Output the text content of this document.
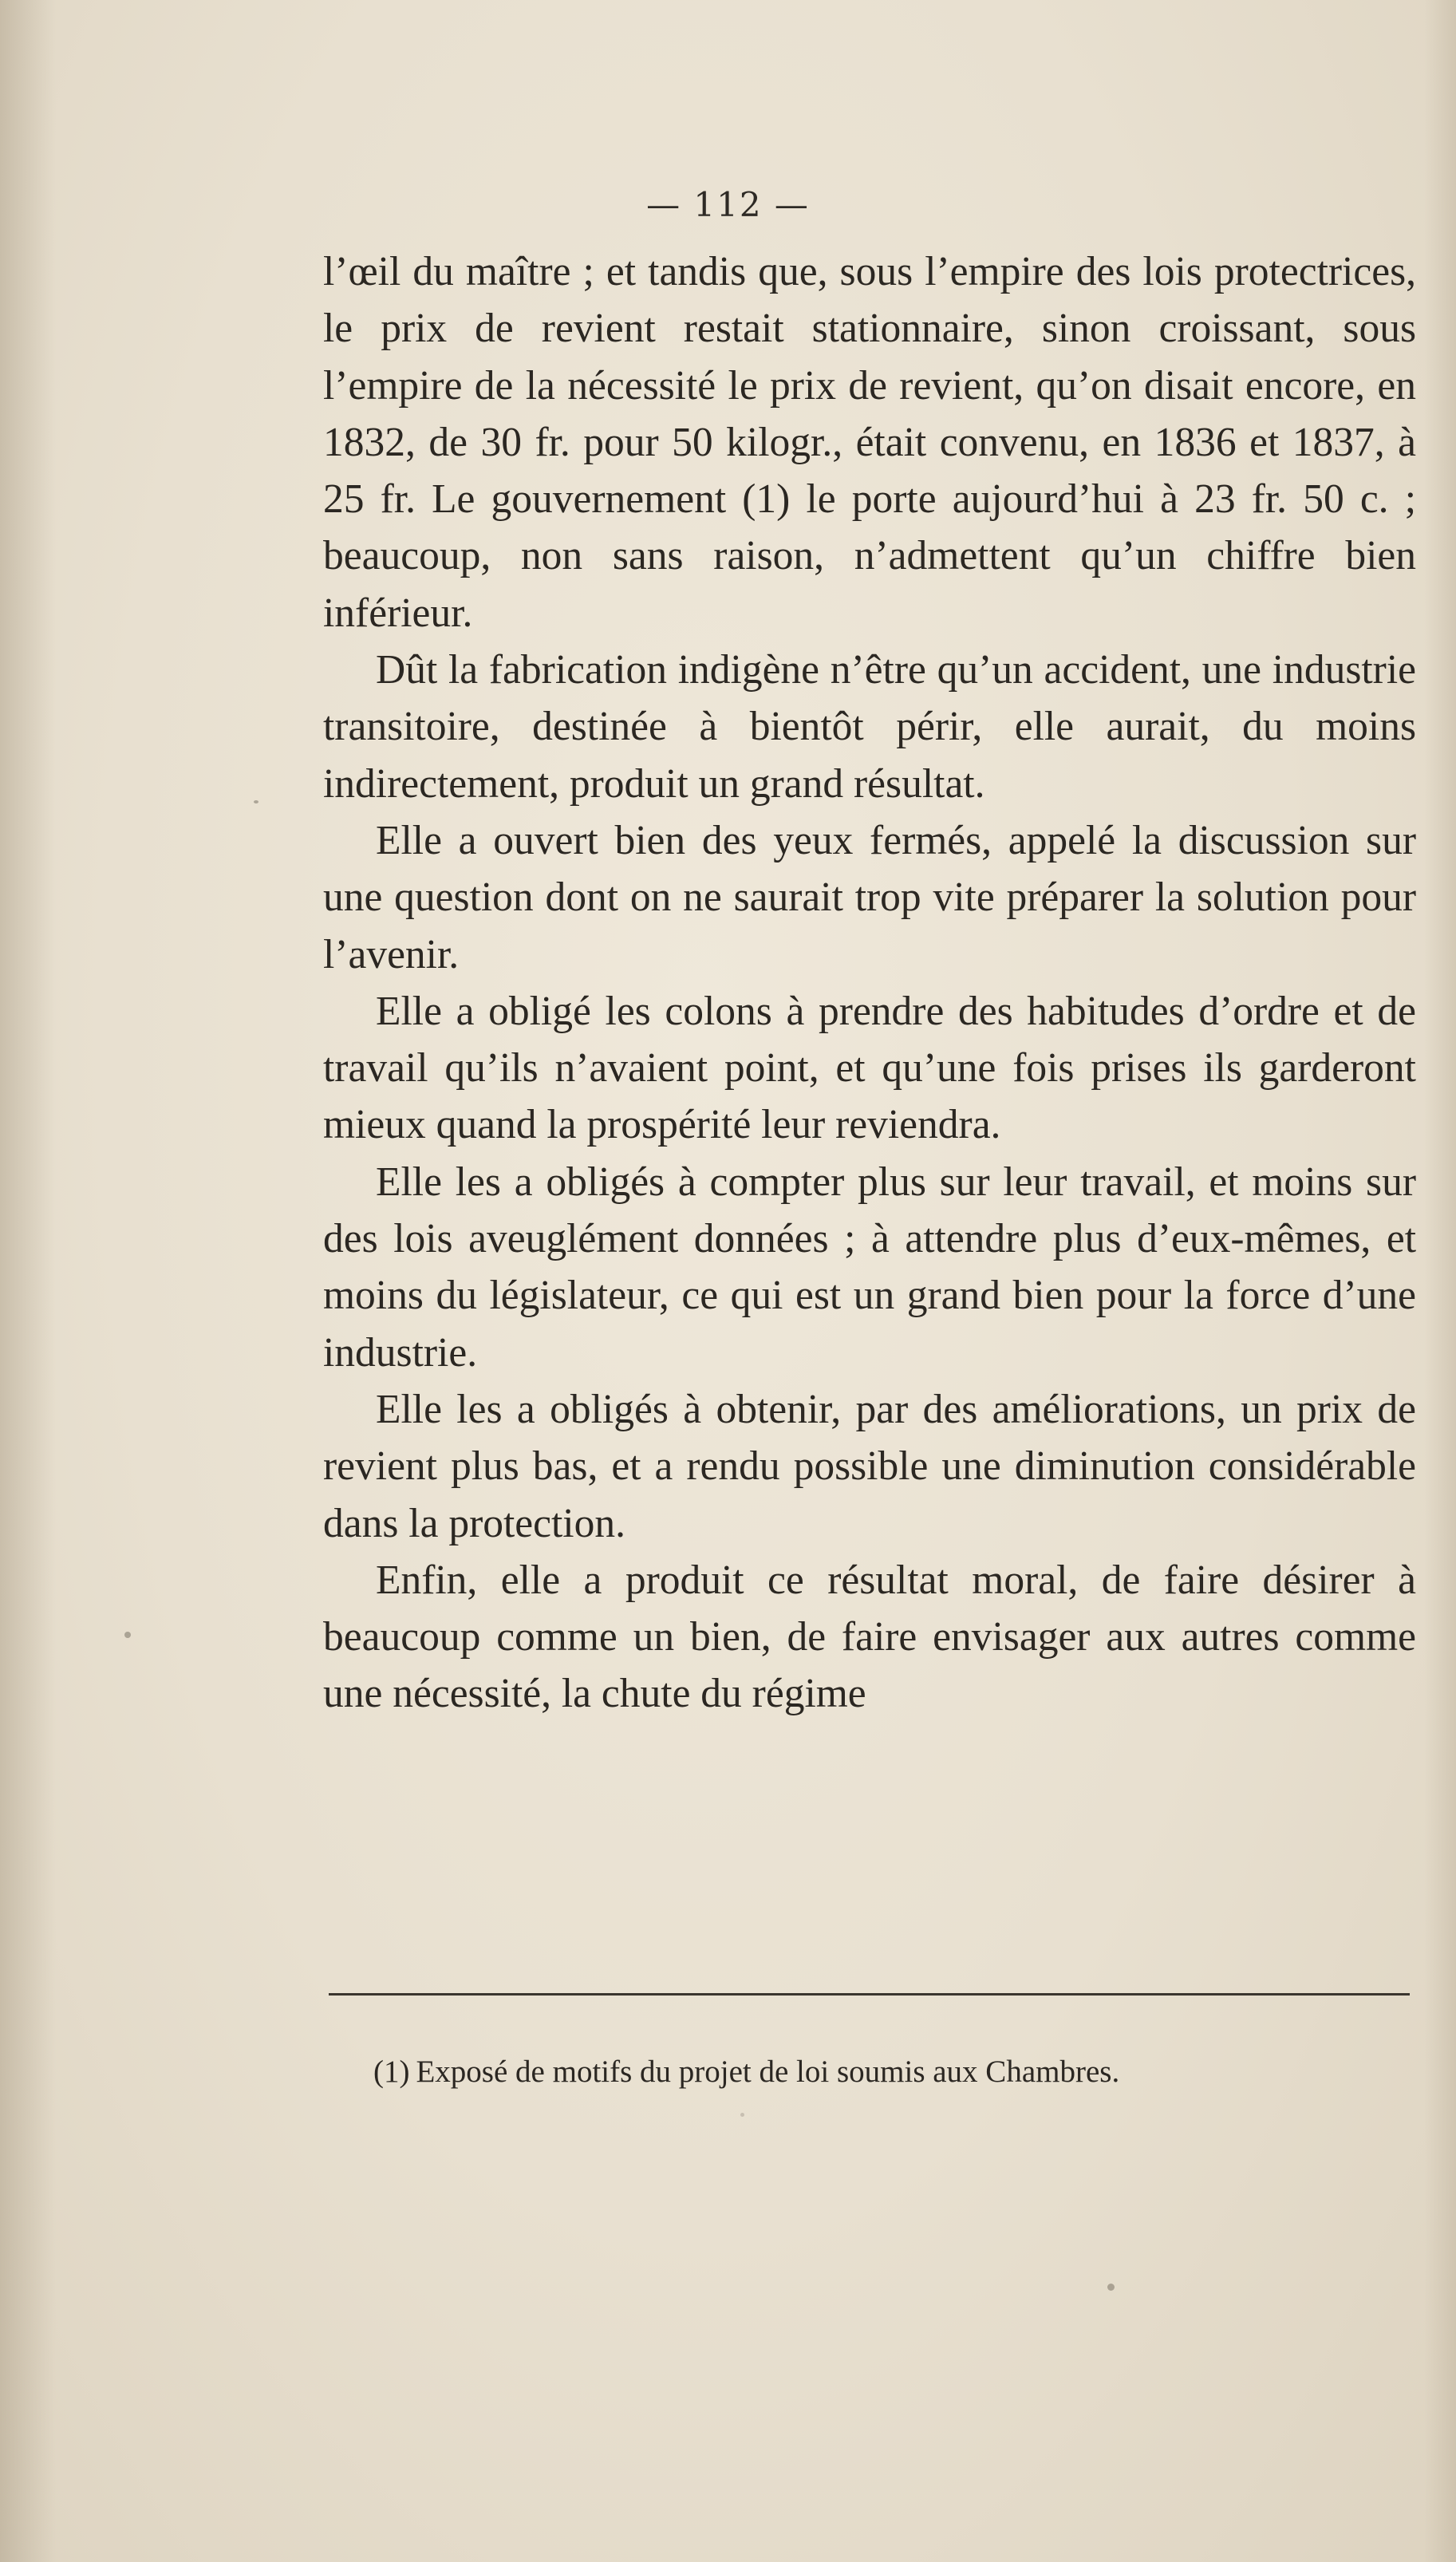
— 112 —

l’œil du maître ; et tandis que, sous l’empire des lois protectrices, le prix de revient restait stationnaire, sinon croissant, sous l’empire de la nécessité le prix de revient, qu’on disait encore, en 1832, de 30 fr. pour 50 kilogr., était convenu, en 1836 et 1837, à 25 fr. Le gouvernement (1) le porte aujourd’hui à 23 fr. 50 c. ; beaucoup, non sans raison, n’admettent qu’un chiffre bien inférieur.

Dût la fabrication indigène n’être qu’un accident, une industrie transitoire, destinée à bientôt périr, elle aurait, du moins indirectement, produit un grand résultat.

Elle a ouvert bien des yeux fermés, appelé la discussion sur une question dont on ne saurait trop vite préparer la solution pour l’avenir.

Elle a obligé les colons à prendre des habitudes d’ordre et de travail qu’ils n’avaient point, et qu’une fois prises ils garderont mieux quand la prospérité leur reviendra.

Elle les a obligés à compter plus sur leur travail, et moins sur des lois aveuglément données ; à attendre plus d’eux-mêmes, et moins du législateur, ce qui est un grand bien pour la force d’une industrie.

Elle les a obligés à obtenir, par des améliorations, un prix de revient plus bas, et a rendu possible une diminution considérable dans la protection.

Enfin, elle a produit ce résultat moral, de faire désirer à beaucoup comme un bien, de faire envisager aux autres comme une nécessité, la chute du régime

(1) Exposé de motifs du projet de loi soumis aux Chambres.
